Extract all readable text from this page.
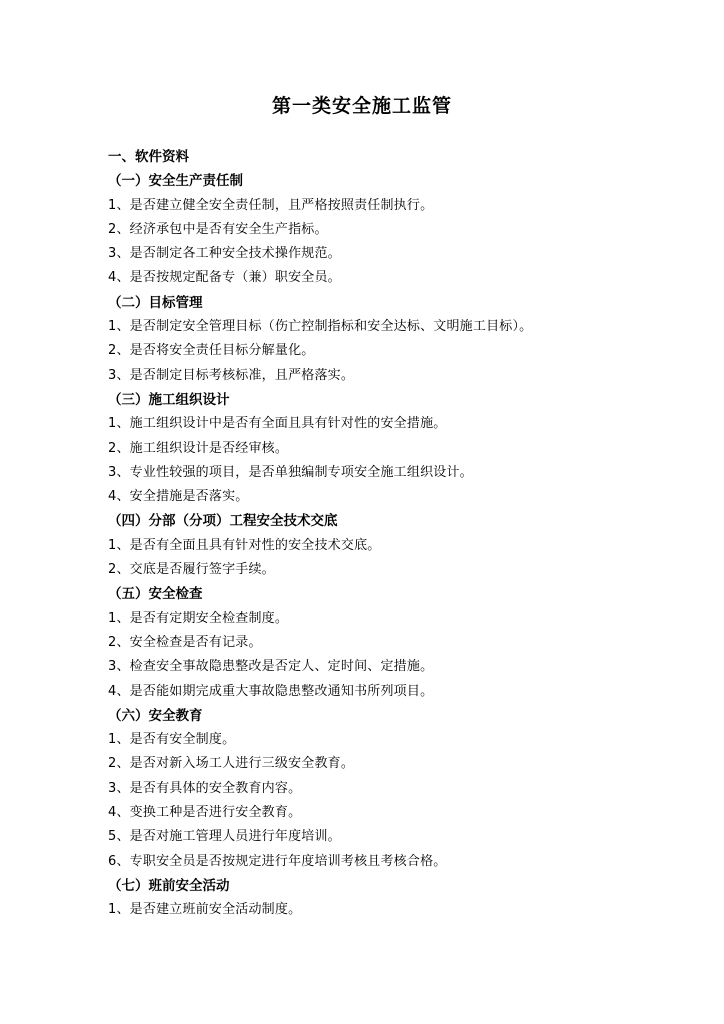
第一类安全施工监管

一、软件资料

（一）安全生产责任制

1、是否建立健全安全责任制，且严格按照责任制执行。

2、经济承包中是否有安全生产指标。

3、是否制定各工种安全技术操作规范。

4、是否按规定配备专（兼）职安全员。

（二）目标管理

1、是否制定安全管理目标（伤亡控制指标和安全达标、文明施工目标）。

2、是否将安全责任目标分解量化。

3、是否制定目标考核标准，且严格落实。

（三）施工组织设计

1、施工组织设计中是否有全面且具有针对性的安全措施。

2、施工组织设计是否经审核。

3、专业性较强的项目，是否单独编制专项安全施工组织设计。

4、安全措施是否落实。

（四）分部（分项）工程安全技术交底

1、是否有全面且具有针对性的安全技术交底。

2、交底是否履行签字手续。

（五）安全检查

1、是否有定期安全检查制度。

2、安全检查是否有记录。

3、检查安全事故隐患整改是否定人、定时间、定措施。

4、是否能如期完成重大事故隐患整改通知书所列项目。

（六）安全教育

1、是否有安全制度。

2、是否对新入场工人进行三级安全教育。

3、是否有具体的安全教育内容。

4、变换工种是否进行安全教育。

5、是否对施工管理人员进行年度培训。

6、专职安全员是否按规定进行年度培训考核且考核合格。

（七）班前安全活动

1、是否建立班前安全活动制度。
